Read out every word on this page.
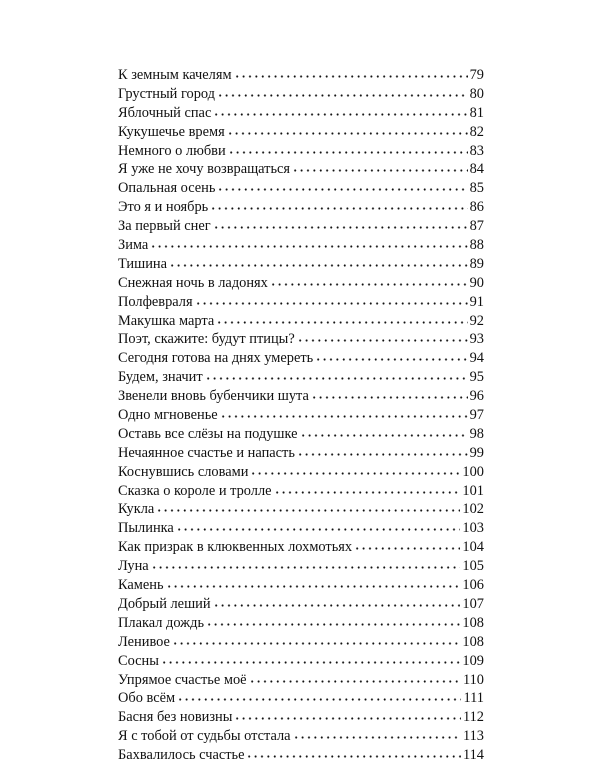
К земным качелям	79
Грустный город	80
Яблочный спас	81
Кукушечье время	82
Немного о любви	83
Я уже не хочу возвращаться	84
Опальная осень	85
Это я и ноябрь	86
За первый снег	87
Зима	88
Тишина	89
Снежная ночь в ладонях	90
Полфевраля	91
Макушка марта	92
Поэт, скажите: будут птицы?	93
Сегодня готова на днях умереть	94
Будем, значит	95
Звенели вновь бубенчики шута	96
Одно мгновенье	97
Оставь все слёзы на подушке	98
Нечаянное счастье и напасть	99
Коснувшись словами	100
Сказка о короле и тролле	101
Кукла	102
Пылинка	103
Как призрак в клюквенных лохмотьях	104
Луна	105
Камень	106
Добрый леший	107
Плакал дождь	108
Ленивое	108
Сосны	109
Упрямое счастье моё	110
Обо всём	111
Басня без новизны	112
Я с тобой от судьбы отстала	113
Бахвалилось счастье	114
